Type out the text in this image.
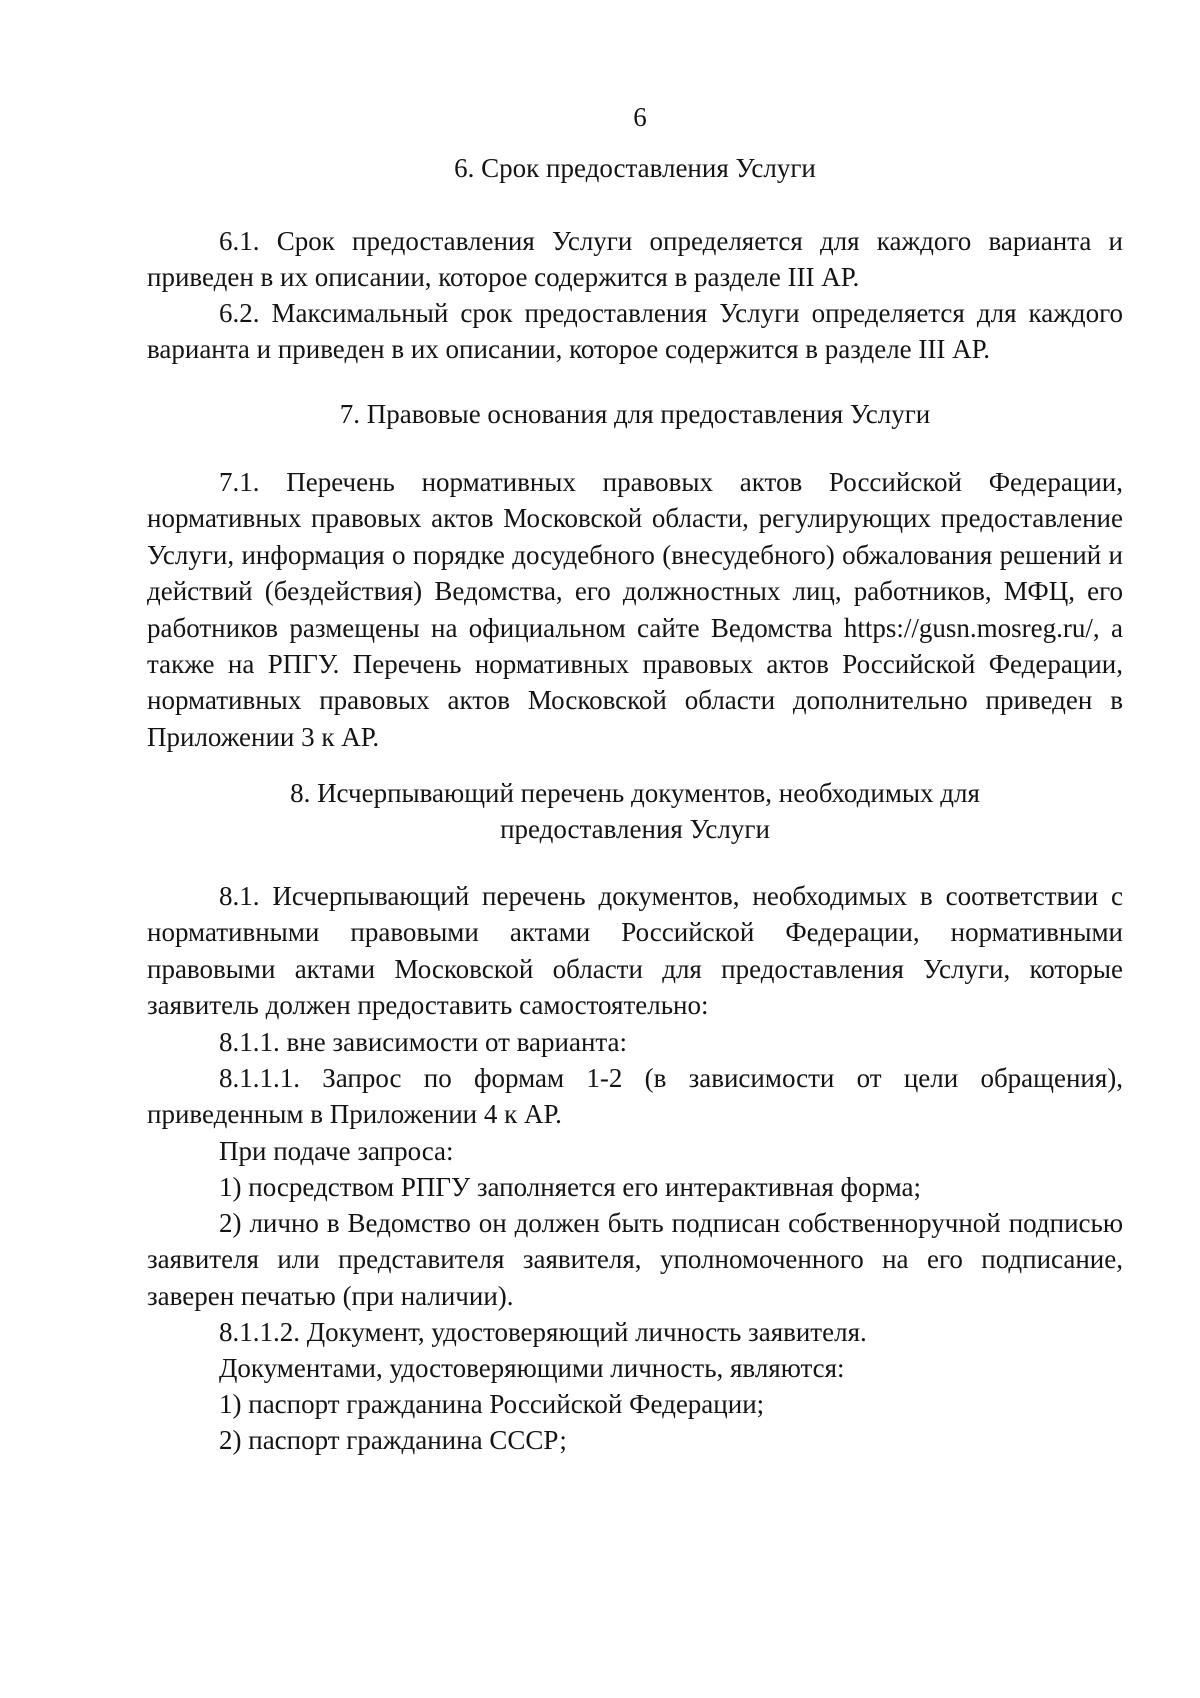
6
6. Срок предоставления Услуги

6.1. Срок предоставления Услуги определяется для каждого варианта и приведен в их описании, которое содержится в разделе III АР.

6.2. Максимальный срок предоставления Услуги определяется для каждого варианта и приведен в их описании, которое содержится в разделе III АР.

7. Правовые основания для предоставления Услуги

7.1. Перечень нормативных правовых актов Российской Федерации, нормативных правовых актов Московской области, регулирующих предоставление Услуги, информация о порядке досудебного (внесудебного) обжалования решений и действий (бездействия) Ведомства, его должностных лиц, работников, МФЦ, его работников размещены на официальном сайте Ведомства https://gusn.mosreg.ru/, а также на РПГУ. Перечень нормативных правовых актов Российской Федерации, нормативных правовых актов Московской области дополнительно приведен в Приложении 3 к АР.

8. Исчерпывающий перечень документов, необходимых для
предоставления Услуги

8.1. Исчерпывающий перечень документов, необходимых в соответствии с нормативными правовыми актами Российской Федерации, нормативными правовыми актами Московской области для предоставления Услуги, которые заявитель должен предоставить самостоятельно:

8.1.1. вне зависимости от варианта:

8.1.1.1. Запрос по формам 1-2 (в зависимости от цели обращения), приведенным в Приложении 4 к АР.

При подаче запроса:

1) посредством РПГУ заполняется его интерактивная форма;

2) лично в Ведомство он должен быть подписан собственноручной подписью заявителя или представителя заявителя, уполномоченного на его подписание, заверен печатью (при наличии).

8.1.1.2. Документ, удостоверяющий личность заявителя.

Документами, удостоверяющими личность, являются:

1) паспорт гражданина Российской Федерации;

2) паспорт гражданина СССР;
